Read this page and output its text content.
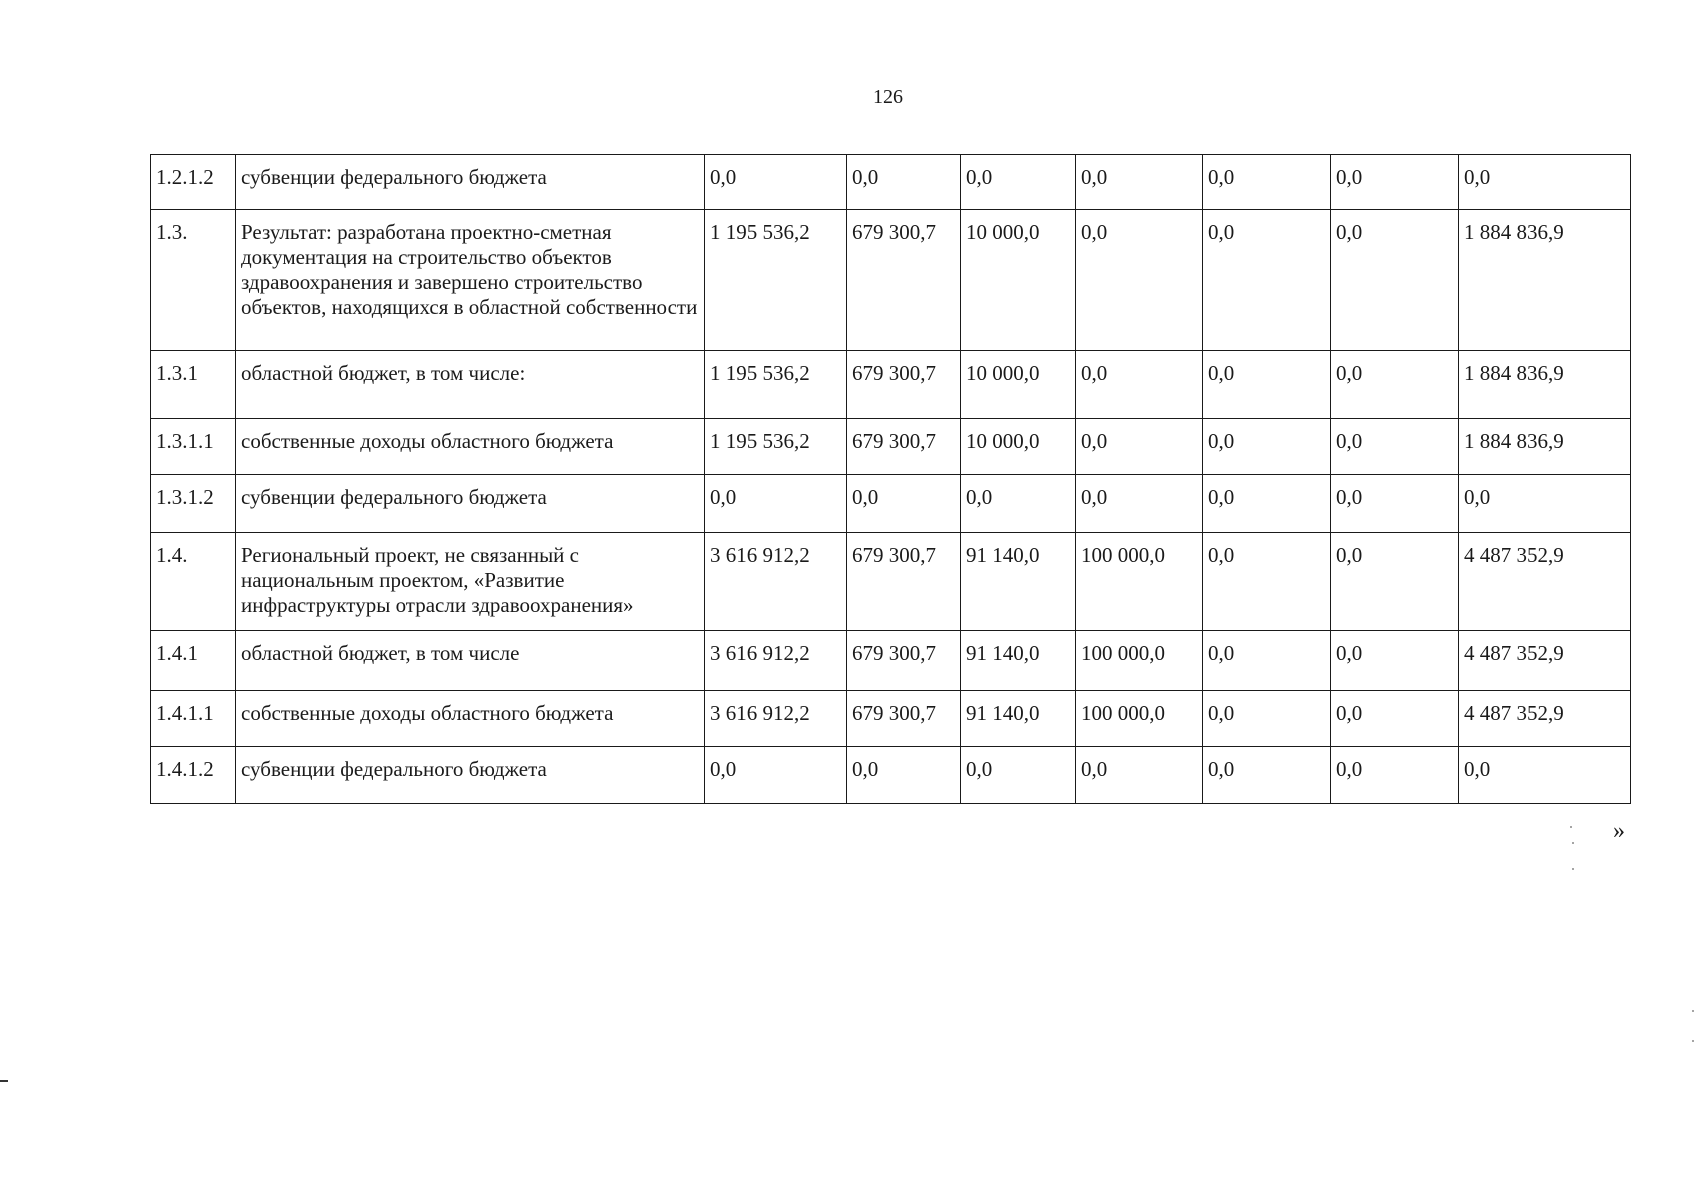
126
1.2.1.2	субвенции федерального бюджета	0,0	0,0	0,0	0,0	0,0	0,0	0,0
1.3.	Результат: разработана проектно-сметная документация на строительство объектов здравоохранения и завершено строительство объектов, находящихся в областной собственности	1 195 536,2	679 300,7	10 000,0	0,0	0,0	0,0	1 884 836,9
1.3.1	областной бюджет, в том числе:	1 195 536,2	679 300,7	10 000,0	0,0	0,0	0,0	1 884 836,9
1.3.1.1	собственные доходы областного бюджета	1 195 536,2	679 300,7	10 000,0	0,0	0,0	0,0	1 884 836,9
1.3.1.2	субвенции федерального бюджета	0,0	0,0	0,0	0,0	0,0	0,0	0,0
1.4.	Региональный проект, не связанный с национальным проектом, «Развитие инфраструктуры отрасли здравоохранения»	3 616 912,2	679 300,7	91 140,0	100 000,0	0,0	0,0	4 487 352,9
1.4.1	областной бюджет, в том числе	3 616 912,2	679 300,7	91 140,0	100 000,0	0,0	0,0	4 487 352,9
1.4.1.1	собственные доходы областного бюджета	3 616 912,2	679 300,7	91 140,0	100 000,0	0,0	0,0	4 487 352,9
1.4.1.2	субвенции федерального бюджета	0,0	0,0	0,0	0,0	0,0	0,0	0,0
»
